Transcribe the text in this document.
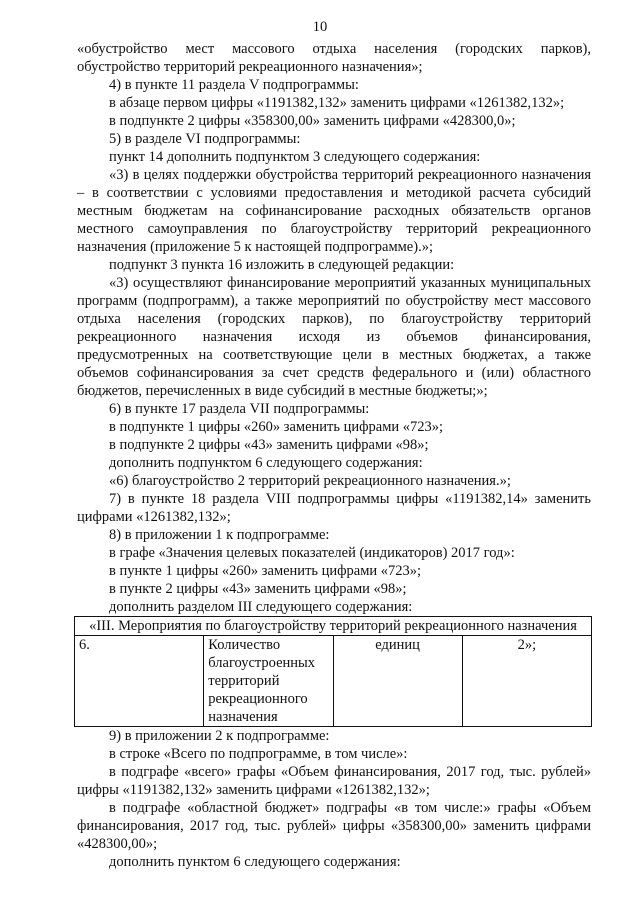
10

«обустройство мест массового отдыха населения (городских парков), обустройство территорий рекреационного назначения»;

4) в пункте 11 раздела V подпрограммы:

в абзаце первом цифры «1191382,132» заменить цифрами «1261382,132»;

в подпункте 2 цифры «358300,00» заменить цифрами «428300,0»;

5) в разделе VI подпрограммы:

пункт 14 дополнить подпунктом 3 следующего содержания:

«3) в целях поддержки обустройства территорий рекреационного назначения – в соответствии с условиями предоставления и методикой расчета субсидий местным бюджетам на софинансирование расходных обязательств органов местного самоуправления по благоустройству территорий рекреационного назначения (приложение 5 к настоящей подпрограмме).»;

подпункт 3 пункта 16 изложить в следующей редакции:

«3) осуществляют финансирование мероприятий указанных муниципальных программ (подпрограмм), а также мероприятий по обустройству мест массового отдыха населения (городских парков), по благоустройству территорий рекреационного назначения исходя из объемов финансирования, предусмотренных на соответствующие цели в местных бюджетах, а также объемов софинансирования за счет средств федерального и (или) областного бюджетов, перечисленных в виде субсидий в местные бюджеты;»;

6) в пункте 17 раздела VII подпрограммы:

в подпункте 1 цифры «260» заменить цифрами «723»;

в подпункте 2 цифры «43» заменить цифрами «98»;

дополнить подпунктом 6 следующего содержания:

«6) благоустройство 2 территорий рекреационного назначения.»;

7) в пункте 18 раздела VIII подпрограммы цифры «1191382,14» заменить цифрами «1261382,132»;

8) в приложении 1 к подпрограмме:

в графе «Значения целевых показателей (индикаторов) 2017 год»:

в пункте 1 цифры «260» заменить цифрами «723»;

в пункте 2 цифры «43» заменить цифрами «98»;

дополнить разделом III следующего содержания:

«III. Мероприятия по благоустройству территорий рекреационного назначения
6.	Количество благоустроенных территорий рекреационного назначения	единиц	2»;

9) в приложении 2 к подпрограмме:

в строке «Всего по подпрограмме, в том числе»:

в подграфе «всего» графы «Объем финансирования, 2017 год, тыс. рублей» цифры «1191382,132» заменить цифрами «1261382,132»;

в подграфе «областной бюджет» подграфы «в том числе:» графы «Объем финансирования, 2017 год, тыс. рублей» цифры «358300,00» заменить цифрами «428300,00»;

дополнить пунктом 6 следующего содержания:
